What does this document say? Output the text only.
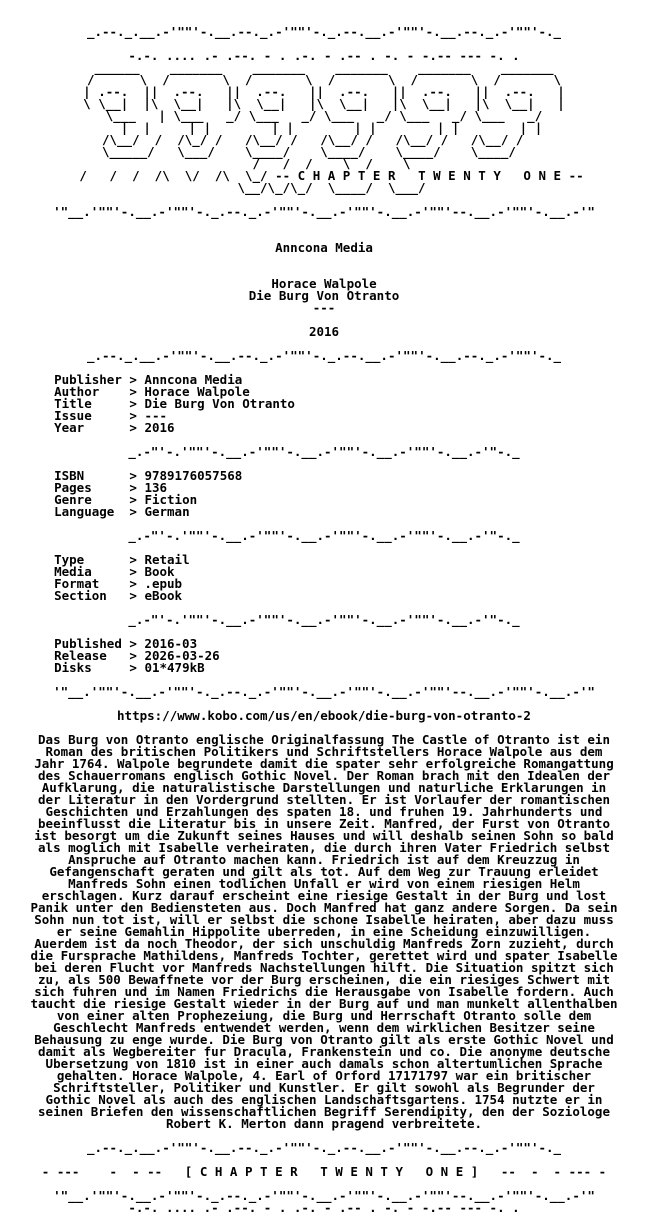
_.--._.__.-'""'-.__.--._.-'""'-._.--.__.-'""'-.__.--._.-'""'-._
-.-. .... .- .--. - . .-. - .-- . -. - -.-- --- -. .
______    _______    _______    _______    _______    _______
/      \  /       \  /       \  /       \  /       \  /       \
| .--.  ||  .--.   ||  .--.   ||  .--.   ||  .--.   ||  .--.   |
\ \__|  |\  \__|   |\  \__|   |\  \__|   |\  \__|   |\  \__|   |
\___   | \___   _/ \___   _/ \___   _/ \___   _/ \___   _/
|  |     | |        | |        | |        | |        | |
/\__/  /  /\_/ /   /\__/ /   /\__/ /   /\__/ /   /\__/ /
\_____/   \___/    \____/    \____/    \____/    \____/
/   /  /    \  /    \
/   /  /  /\  \/  /\  \_/ -- C H A P T E R   T W E N T Y   O N E --
\__/\_/\_/  \____/  \___/
'"__.'""'-.__.-'""'-._.--._.-'""'-.__.-'""'-.__.-'""'--.__.-'""'-.__.-'"
Anncona Media
Horace Walpole
Die Burg Von Otranto
---
2016
_.--._.__.-'""'-.__.--._.-'""'-._.--.__.-'""'-.__.--._.-'""'-._
Publisher > Anncona Media
Author    > Horace Walpole
Title     > Die Burg Von Otranto
Issue     > ---
Year      > 2016
_.-"'-.'""'-.__.-'""'-.__.-'""'-.__.-'""'-.__.-'"-._
ISBN      > 9789176057568
Pages     > 136
Genre     > Fiction
Language  > German
_.-"'-.'""'-.__.-'""'-.__.-'""'-.__.-'""'-.__.-'"-._
Type      > Retail
Media     > Book
Format    > .epub
Section   > eBook
_.-"'-.'""'-.__.-'""'-.__.-'""'-.__.-'""'-.__.-'"-._
Published > 2016-03
Release   > 2026-03-26
Disks     > 01*479kB
'"__.'""'-.__.-'""'-._.--._.-'""'-.__.-'""'-.__.-'""'--.__.-'""'-.__.-'"
https://www.kobo.com/us/en/ebook/die-burg-von-otranto-2
Das Burg von Otranto englische Originalfassung The Castle of Otranto ist ein
Roman des britischen Politikers und Schriftstellers Horace Walpole aus dem
Jahr 1764. Walpole begrundete damit die spater sehr erfolgreiche Romangattung
des Schauerromans englisch Gothic Novel. Der Roman brach mit den Idealen der
Aufklarung, die naturalistische Darstellungen und naturliche Erklarungen in
der Literatur in den Vordergrund stellten. Er ist Vorlaufer der romantischen
Geschichten und Erzahlungen des spaten 18. und fruhen 19. Jahrhunderts und
beeinflusst die Literatur bis in unsere Zeit. Manfred, der Furst von Otranto
ist besorgt um die Zukunft seines Hauses und will deshalb seinen Sohn so bald
als moglich mit Isabelle verheiraten, die durch ihren Vater Friedrich selbst
Anspruche auf Otranto machen kann. Friedrich ist auf dem Kreuzzug in
Gefangenschaft geraten und gilt als tot. Auf dem Weg zur Trauung erleidet
Manfreds Sohn einen todlichen Unfall er wird von einem riesigen Helm
erschlagen. Kurz darauf erscheint eine riesige Gestalt in der Burg und lost
Panik unter den Bediensteten aus. Doch Manfred hat ganz andere Sorgen. Da sein
Sohn nun tot ist, will er selbst die schone Isabelle heiraten, aber dazu muss
er seine Gemahlin Hippolite uberreden, in eine Scheidung einzuwilligen.
Auerdem ist da noch Theodor, der sich unschuldig Manfreds Zorn zuzieht, durch
die Fursprache Mathildens, Manfreds Tochter, gerettet wird und spater Isabelle
bei deren Flucht vor Manfreds Nachstellungen hilft. Die Situation spitzt sich
zu, als 500 Bewaffnete vor der Burg erscheinen, die ein riesiges Schwert mit
sich fuhren und im Namen Friedrichs die Herausgabe von Isabelle fordern. Auch
taucht die riesige Gestalt wieder in der Burg auf und man munkelt allenthalben
von einer alten Prophezeiung, die Burg und Herrschaft Otranto solle dem
Geschlecht Manfreds entwendet werden, wenn dem wirklichen Besitzer seine
Behausung zu enge wurde. Die Burg von Otranto gilt als erste Gothic Novel und
damit als Wegbereiter fur Dracula, Frankenstein und co. Die anonyme deutsche
Ubersetzung von 1810 ist in einer auch damals schon altertumlichen Sprache
gehalten. Horace Walpole, 4. Earl of Orford 17171797 war ein britischer
Schriftsteller, Politiker und Kunstler. Er gilt sowohl als Begrunder der
Gothic Novel als auch des englischen Landschaftsgartens. 1754 nutzte er in
seinen Briefen den wissenschaftlichen Begriff Serendipity, den der Soziologe
Robert K. Merton dann pragend verbreitete.
_.--._.__.-'""'-.__.--._.-'""'-._.--.__.-'""'-.__.--._.-'""'-._
- ---    -  - --   [ C H A P T E R   T W E N T Y   O N E ]   --  -  - --- -
'"__.'""'-.__.-'""'-._.--._.-'""'-.__.-'""'-.__.-'""'--.__.-'""'-.__.-'"
-.-. .... .- .--. - . .-. - .-- . -. - -.-- --- -. .
